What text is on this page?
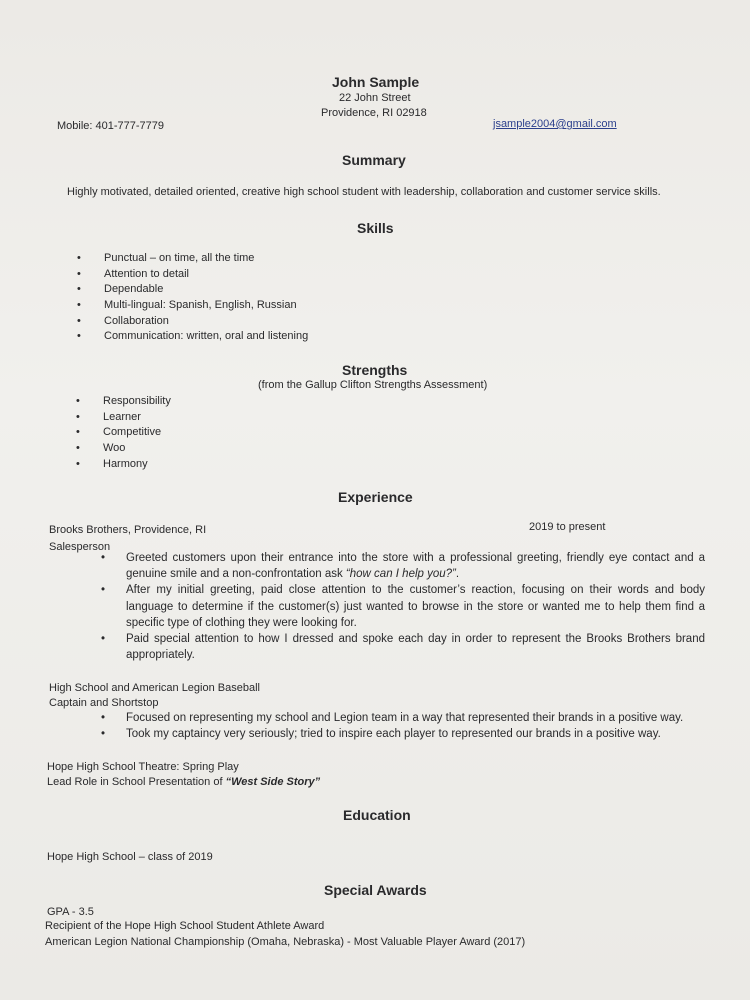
John Sample
22 John Street
Providence, RI 02918
Mobile: 401-777-7779	jsample2004@gmail.com
Summary
Highly motivated, detailed oriented, creative high school student with leadership, collaboration and customer service skills.
Skills
• Punctual – on time, all the time
• Attention to detail
• Dependable
• Multi-lingual: Spanish, English, Russian
• Collaboration
• Communication: written, oral and listening
Strengths
(from the Gallup Clifton Strengths Assessment)
• Responsibility
• Learner
• Competitive
• Woo
• Harmony
Experience
Brooks Brothers, Providence, RI	2019 to present
Salesperson
• Greeted customers upon their entrance into the store with a professional greeting, friendly eye contact and a genuine smile and a non-confrontation ask “how can I help you?”.
• After my initial greeting, paid close attention to the customer’s reaction, focusing on their words and body language to determine if the customer(s) just wanted to browse in the store or wanted me to help them find a specific type of clothing they were looking for.
• Paid special attention to how I dressed and spoke each day in order to represent the Brooks Brothers brand appropriately.
High School and American Legion Baseball
Captain and Shortstop
• Focused on representing my school and Legion team in a way that represented their brands in a positive way.
• Took my captaincy very seriously; tried to inspire each player to represented our brands in a positive way.
Hope High School Theatre: Spring Play
Lead Role in School Presentation of “West Side Story”
Education
Hope High School – class of 2019
Special Awards
GPA - 3.5
Recipient of the Hope High School Student Athlete Award
American Legion National Championship (Omaha, Nebraska) - Most Valuable Player Award (2017)
